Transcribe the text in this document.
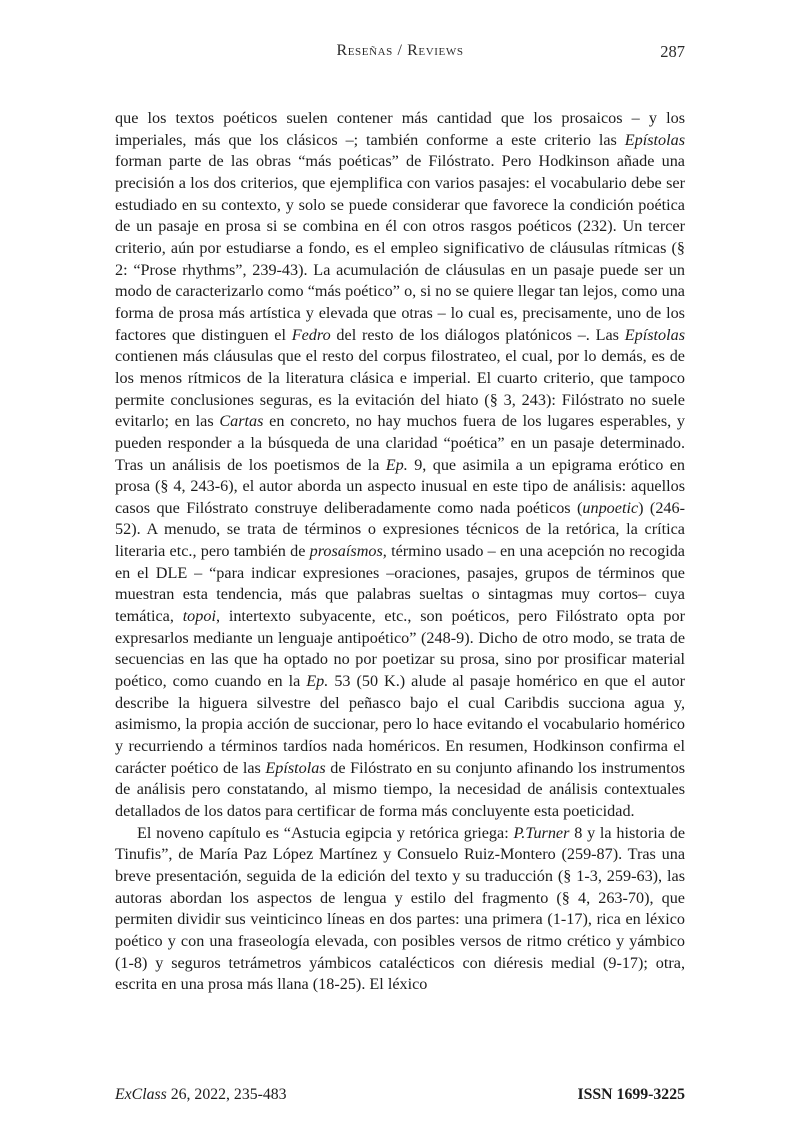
Reseñas / Reviews	287

que los textos poéticos suelen contener más cantidad que los prosaicos – y los imperiales, más que los clásicos –; también conforme a este criterio las Epístolas forman parte de las obras “más poéticas” de Filóstrato. Pero Hodkinson añade una precisión a los dos criterios, que ejemplifica con varios pasajes: el vocabulario debe ser estudiado en su contexto, y solo se puede considerar que favorece la condición poética de un pasaje en prosa si se combina en él con otros rasgos poéticos (232). Un tercer criterio, aún por estudiarse a fondo, es el empleo significativo de cláusulas rítmicas (§ 2: “Prose rhythms”, 239-43). La acumulación de cláusulas en un pasaje puede ser un modo de caracterizarlo como “más poético” o, si no se quiere llegar tan lejos, como una forma de prosa más artística y elevada que otras – lo cual es, precisamente, uno de los factores que distinguen el Fedro del resto de los diálogos platónicos –. Las Epístolas contienen más cláusulas que el resto del corpus filostrateo, el cual, por lo demás, es de los menos rítmicos de la literatura clásica e imperial. El cuarto criterio, que tampoco permite conclusiones seguras, es la evitación del hiato (§ 3, 243): Filóstrato no suele evitarlo; en las Cartas en concreto, no hay muchos fuera de los lugares esperables, y pueden responder a la búsqueda de una claridad “poética” en un pasaje determinado. Tras un análisis de los poetismos de la Ep. 9, que asimila a un epigrama erótico en prosa (§ 4, 243-6), el autor aborda un aspecto inusual en este tipo de análisis: aquellos casos que Filóstrato construye deliberadamente como nada poéticos (unpoetic) (246-52). A menudo, se trata de términos o expresiones técnicos de la retórica, la crítica literaria etc., pero también de prosaísmos, término usado – en una acepción no recogida en el DLE – “para indicar expresiones –oraciones, pasajes, grupos de términos que muestran esta tendencia, más que palabras sueltas o sintagmas muy cortos– cuya temática, topoi, intertexto subyacente, etc., son poéticos, pero Filóstrato opta por expresarlos mediante un lenguaje antipoético” (248-9). Dicho de otro modo, se trata de secuencias en las que ha optado no por poetizar su prosa, sino por prosificar material poético, como cuando en la Ep. 53 (50 K.) alude al pasaje homérico en que el autor describe la higuera silvestre del peñasco bajo el cual Caribdis succiona agua y, asimismo, la propia acción de succionar, pero lo hace evitando el vocabulario homérico y recurriendo a términos tardíos nada homéricos. En resumen, Hodkinson confirma el carácter poético de las Epístolas de Filóstrato en su conjunto afinando los instrumentos de análisis pero constatando, al mismo tiempo, la necesidad de análisis contextuales detallados de los datos para certificar de forma más concluyente esta poeticidad.

El noveno capítulo es “Astucia egipcia y retórica griega: P.Turner 8 y la historia de Tinufis”, de María Paz López Martínez y Consuelo Ruiz-Montero (259-87). Tras una breve presentación, seguida de la edición del texto y su traducción (§ 1-3, 259-63), las autoras abordan los aspectos de lengua y estilo del fragmento (§ 4, 263-70), que permiten dividir sus veinticinco líneas en dos partes: una primera (1-17), rica en léxico poético y con una fraseología elevada, con posibles versos de ritmo crético y yámbico (1-8) y seguros tetrámetros yámbicos catalécticos con diéresis medial (9-17); otra, escrita en una prosa más llana (18-25). El léxico

ExClass 26, 2022, 235-483	ISSN 1699-3225
